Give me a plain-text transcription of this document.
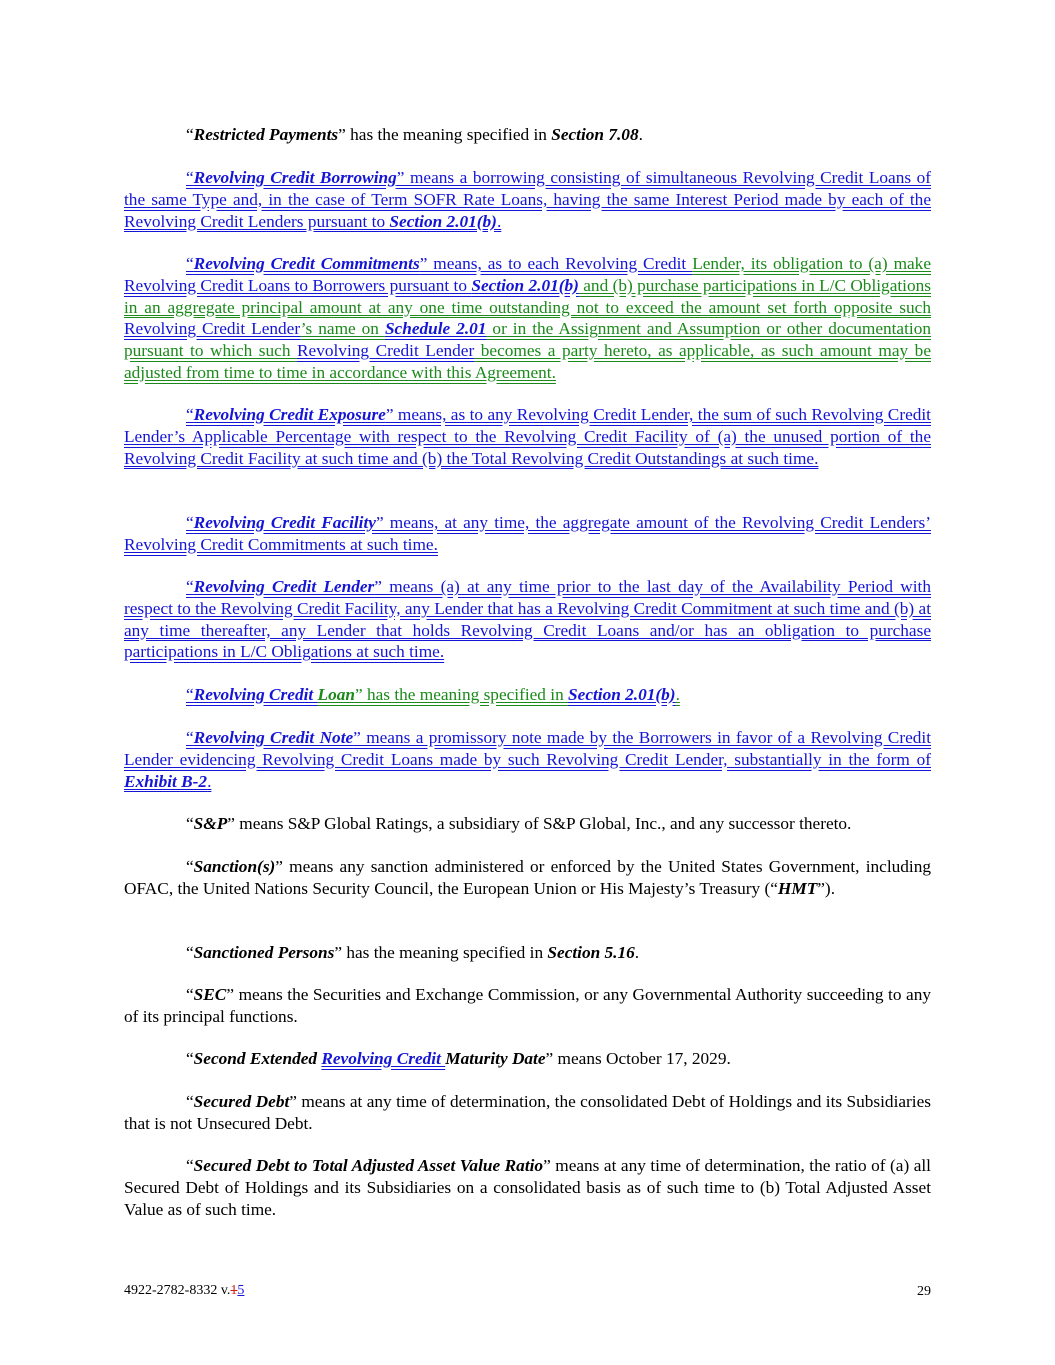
“Restricted Payments” has the meaning specified in Section 7.08.

“Revolving Credit Borrowing” means a borrowing consisting of simultaneous Revolving Credit Loans of the same Type and, in the case of Term SOFR Rate Loans, having the same Interest Period made by each of the Revolving Credit Lenders pursuant to Section 2.01(b).

“Revolving Credit Commitments” means, as to each Revolving Credit Lender, its obligation to (a) make Revolving Credit Loans to Borrowers pursuant to Section 2.01(b) and (b) purchase participations in L/C Obligations in an aggregate principal amount at any one time outstanding not to exceed the amount set forth opposite such Revolving Credit Lender’s name on Schedule 2.01 or in the Assignment and Assumption or other documentation pursuant to which such Revolving Credit Lender becomes a party hereto, as applicable, as such amount may be adjusted from time to time in accordance with this Agreement.

“Revolving Credit Exposure” means, as to any Revolving Credit Lender, the sum of such Revolving Credit Lender’s Applicable Percentage with respect to the Revolving Credit Facility of (a) the unused portion of the Revolving Credit Facility at such time and (b) the Total Revolving Credit Outstandings at such time.

“Revolving Credit Facility” means, at any time, the aggregate amount of the Revolving Credit Lenders’ Revolving Credit Commitments at such time.

“Revolving Credit Lender” means (a) at any time prior to the last day of the Availability Period with respect to the Revolving Credit Facility, any Lender that has a Revolving Credit Commitment at such time and (b) at any time thereafter, any Lender that holds Revolving Credit Loans and/or has an obligation to purchase participations in L/C Obligations at such time.

“Revolving Credit Loan” has the meaning specified in Section 2.01(b).

“Revolving Credit Note” means a promissory note made by the Borrowers in favor of a Revolving Credit Lender evidencing Revolving Credit Loans made by such Revolving Credit Lender, substantially in the form of Exhibit B-2.

“S&P” means S&P Global Ratings, a subsidiary of S&P Global, Inc., and any successor thereto.

“Sanction(s)” means any sanction administered or enforced by the United States Government, including OFAC, the United Nations Security Council, the European Union or His Majesty’s Treasury (“HMT”).

“Sanctioned Persons” has the meaning specified in Section 5.16.

“SEC” means the Securities and Exchange Commission, or any Governmental Authority succeeding to any of its principal functions.

“Second Extended Revolving Credit Maturity Date” means October 17, 2029.

“Secured Debt” means at any time of determination, the consolidated Debt of Holdings and its Subsidiaries that is not Unsecured Debt.

“Secured Debt to Total Adjusted Asset Value Ratio” means at any time of determination, the ratio of (a) all Secured Debt of Holdings and its Subsidiaries on a consolidated basis as of such time to (b) Total Adjusted Asset Value as of such time.

4922-2782-8332 v.15	29
